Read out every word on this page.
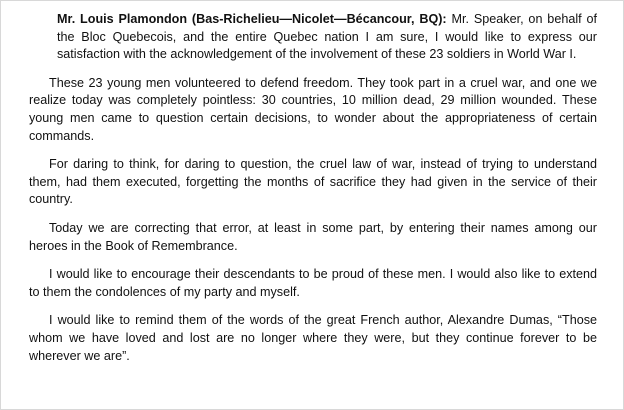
Mr. Louis Plamondon (Bas-Richelieu—Nicolet—Bécancour, BQ): Mr. Speaker, on behalf of the Bloc Quebecois, and the entire Quebec nation I am sure, I would like to express our satisfaction with the acknowledgement of the involvement of these 23 soldiers in World War I.

These 23 young men volunteered to defend freedom. They took part in a cruel war, and one we realize today was completely pointless: 30 countries, 10 million dead, 29 million wounded. These young men came to question certain decisions, to wonder about the appropriateness of certain commands.

For daring to think, for daring to question, the cruel law of war, instead of trying to understand them, had them executed, forgetting the months of sacrifice they had given in the service of their country.

Today we are correcting that error, at least in some part, by entering their names among our heroes in the Book of Remembrance.

I would like to encourage their descendants to be proud of these men. I would also like to extend to them the condolences of my party and myself.

I would like to remind them of the words of the great French author, Alexandre Dumas, “Those whom we have loved and lost are no longer where they were, but they continue forever to be wherever we are”.
